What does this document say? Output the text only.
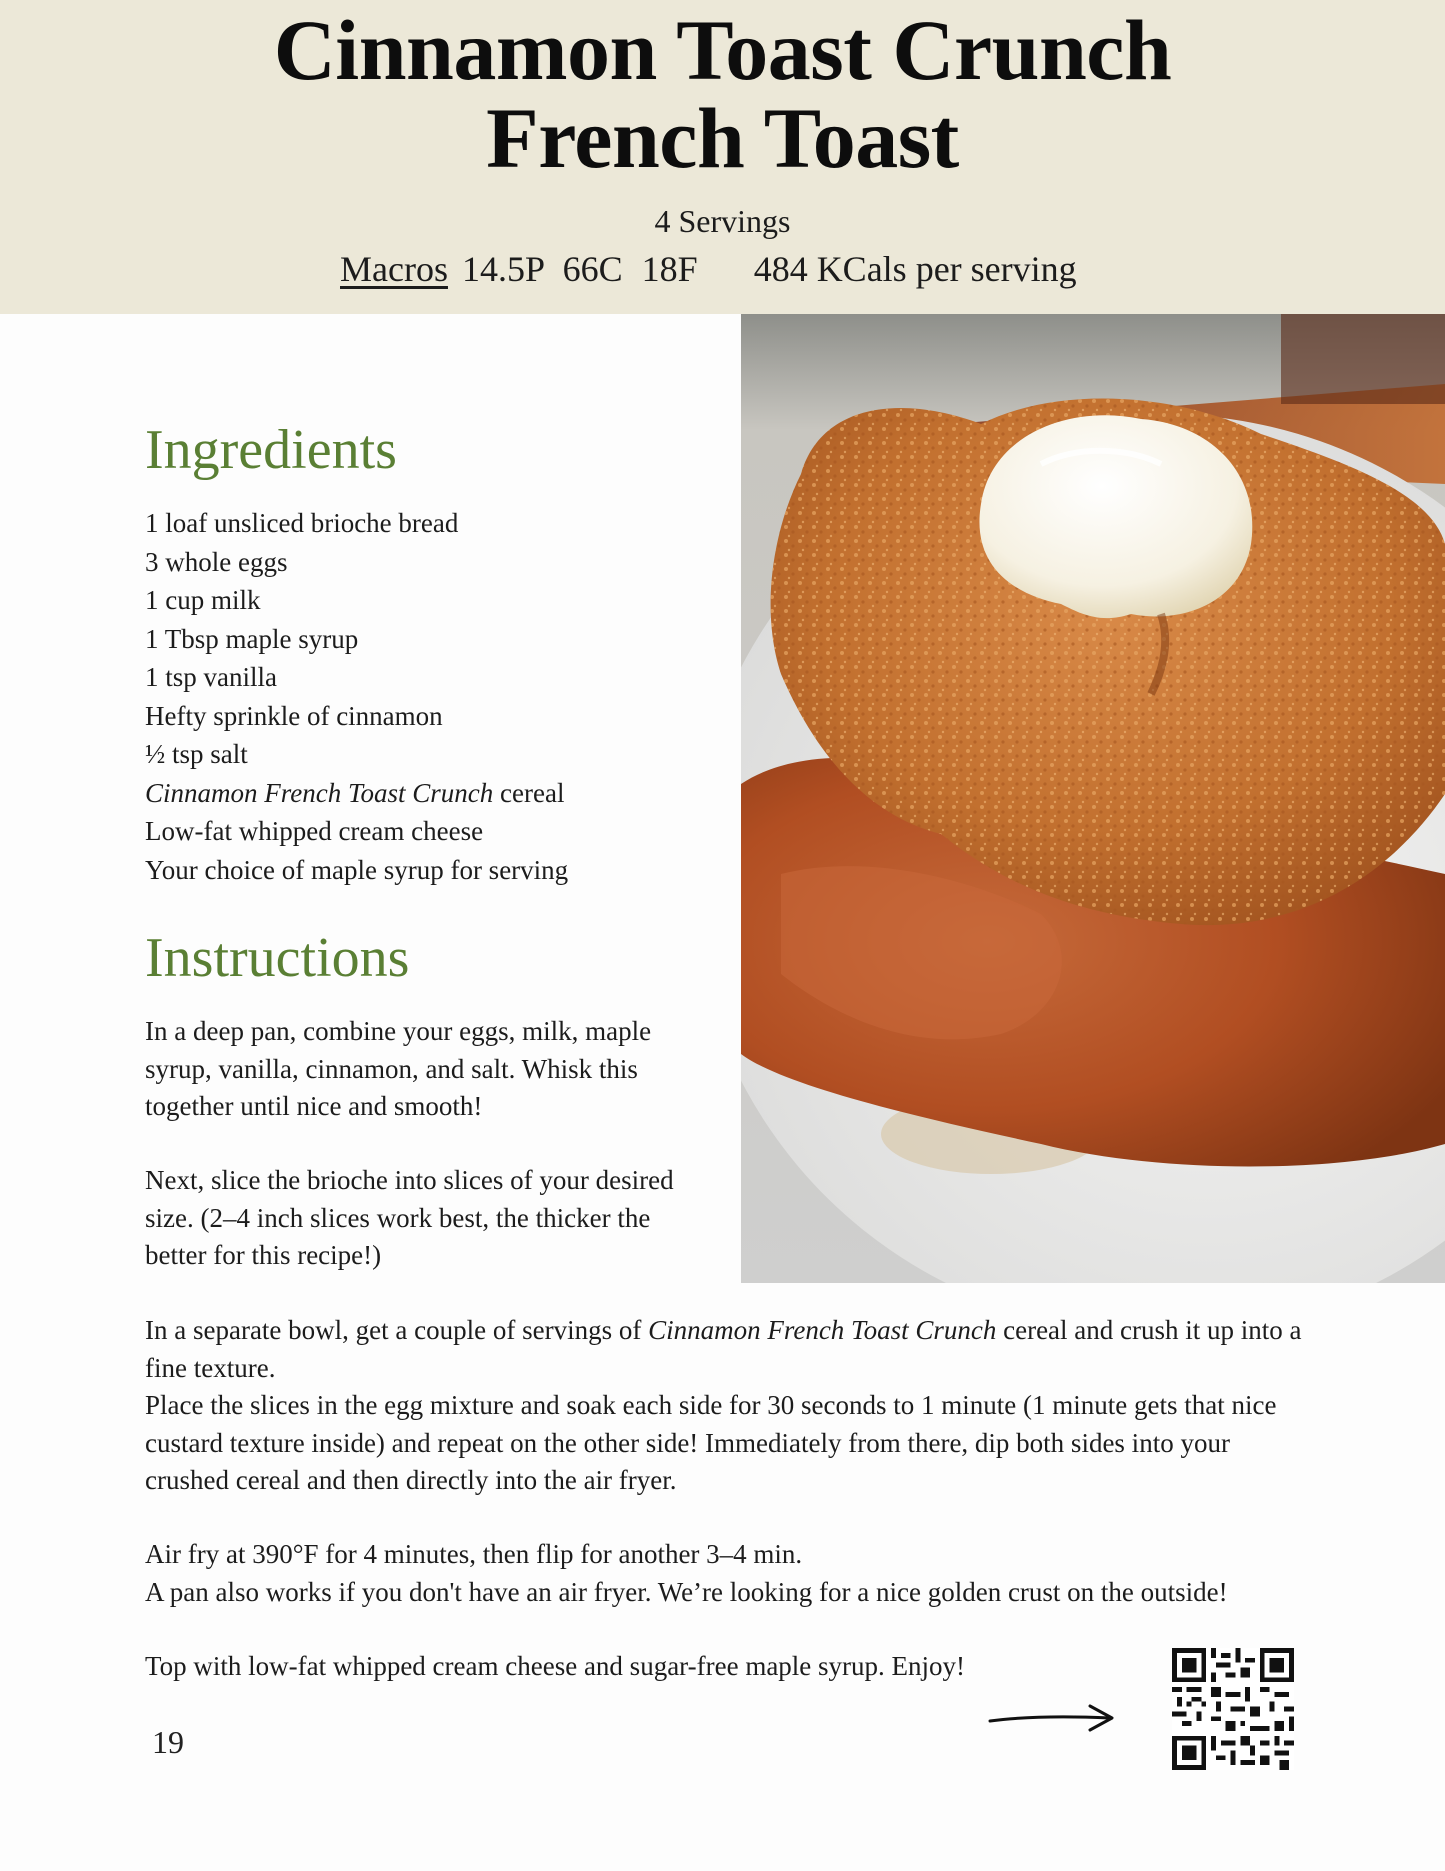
Cinnamon Toast Crunch
French Toast
4 Servings
Macros 14.5P 66C 18F 484 KCals per serving
Ingredients
1 loaf unsliced brioche bread
3 whole eggs
1 cup milk
1 Tbsp maple syrup
1 tsp vanilla
Hefty sprinkle of cinnamon
½ tsp salt
Cinnamon French Toast Crunch cereal
Low-fat whipped cream cheese
Your choice of maple syrup for serving
Instructions

In a deep pan, combine your eggs, milk, maple syrup, vanilla, cinnamon, and salt. Whisk this together until nice and smooth!

Next, slice the brioche into slices of your desired size. (2–4 inch slices work best, the thicker the better for this recipe!)

In a separate bowl, get a couple of servings of Cinnamon French Toast Crunch cereal and crush it up into a fine texture.

Place the slices in the egg mixture and soak each side for 30 seconds to 1 minute (1 minute gets that nice custard texture inside) and repeat on the other side! Immediately from there, dip both sides into your crushed cereal and then directly into the air fryer.

Air fry at 390°F for 4 minutes, then flip for another 3–4 min.

A pan also works if you don't have an air fryer. We’re looking for a nice golden crust on the outside!

Top with low-fat whipped cream cheese and sugar-free maple syrup. Enjoy!

19
